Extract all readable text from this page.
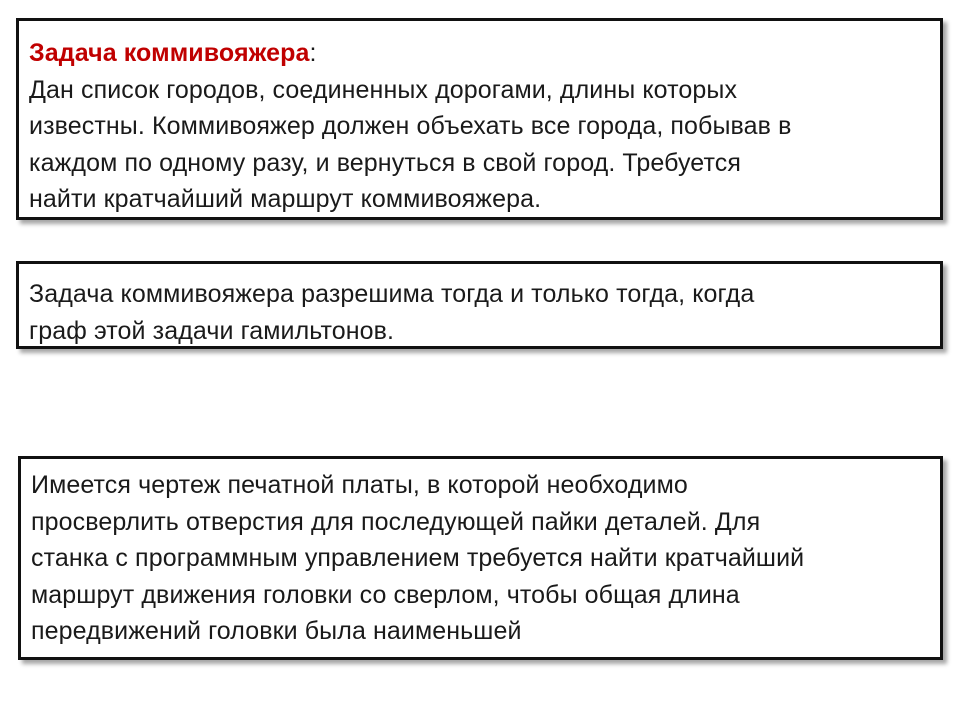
Задача коммивояжера:
Дан список городов, соединенных дорогами, длины которых
известны. Коммивояжер должен объехать все города, побывав в
каждом по одному разу, и вернуться в свой город. Требуется
найти кратчайший маршрут коммивояжера.
Задача коммивояжера разрешима тогда и только тогда, когда
граф этой задачи гамильтонов.
Имеется чертеж печатной платы, в которой необходимо
просверлить отверстия для последующей пайки деталей. Для
станка с программным управлением требуется найти кратчайший
маршрут движения головки со сверлом, чтобы общая длина
передвижений головки была наименьшей
